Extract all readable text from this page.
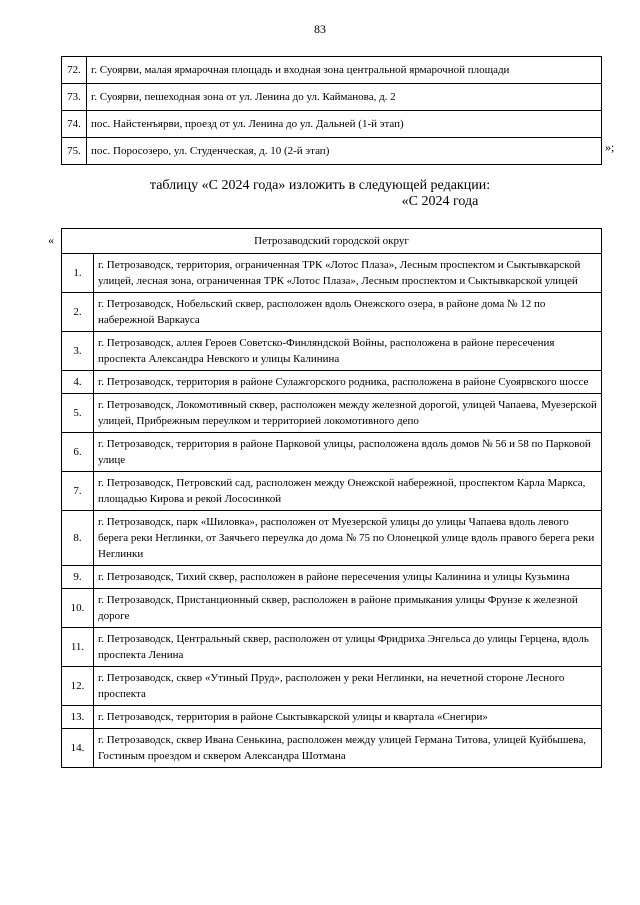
83
72.	г. Суоярви, малая ярмарочная площадь и входная зона центральной ярмарочной площади
73.	г. Суоярви, пешеходная зона от ул. Ленина до ул. Кайманова, д. 2
74.	пос. Найстенъярви, проезд от ул. Ленина до ул. Дальней (1-й этап)
75.	пос. Поросозеро, ул. Студенческая, д. 10 (2-й этап)	»;
таблицу «С 2024 года» изложить в следующей редакции:
«С 2024 года
«	Петрозаводский городской округ	
1.	г. Петрозаводск, территория, ограниченная ТРК «Лотос Плаза», Лесным проспектом и Сыктывкарской улицей, лесная зона, ограниченная ТРК «Лотос Плаза», Лесным проспектом и Сыктывкарской улицей
2.	г. Петрозаводск, Нобельский сквер, расположен вдоль Онежского озера, в районе дома № 12 по набережной Варкауса
3.	г. Петрозаводск, аллея Героев Советско-Финляндской Войны, расположена в районе пересечения проспекта Александра Невского и улицы Калинина
4.	г. Петрозаводск, территория в районе Сулажгорского родника, расположена в районе Суоярвского шоссе
5.	г. Петрозаводск, Локомотивный сквер, расположен между железной дорогой, улицей Чапаева, Муезерской улицей, Прибрежным переулком и территорией локомотивного депо
6.	г. Петрозаводск, территория в районе Парковой улицы, расположена вдоль домов № 56 и 58 по Парковой улице
7.	г. Петрозаводск, Петровский сад, расположен между Онежской набережной, проспектом Карла Маркса, площадью Кирова и рекой Лососинкой
8.	г. Петрозаводск, парк «Шиловка», расположен от Муезерской улицы до улицы Чапаева вдоль левого берега реки Неглинки, от Заячьего переулка до дома № 75 по Олонецкой улице вдоль правого берега реки Неглинки
9.	г. Петрозаводск, Тихий сквер, расположен в районе пересечения улицы Калинина и улицы Кузьмина
10.	г. Петрозаводск, Пристанционный сквер, расположен в районе примыкания улицы Фрунзе к железной дороге
11.	г. Петрозаводск, Центральный сквер, расположен от улицы Фридриха Энгельса до улицы Герцена, вдоль проспекта Ленина
12.	г. Петрозаводск, сквер «Утиный Пруд», расположен у реки Неглинки, на нечетной стороне Лесного проспекта
13.	г. Петрозаводск, территория в районе Сыктывкарской улицы и квартала «Снегири»
14.	г. Петрозаводск, сквер Ивана Сенькина, расположен между улицей Германа Титова, улицей Куйбышева, Гостиным проездом и сквером Александра Шотмана
